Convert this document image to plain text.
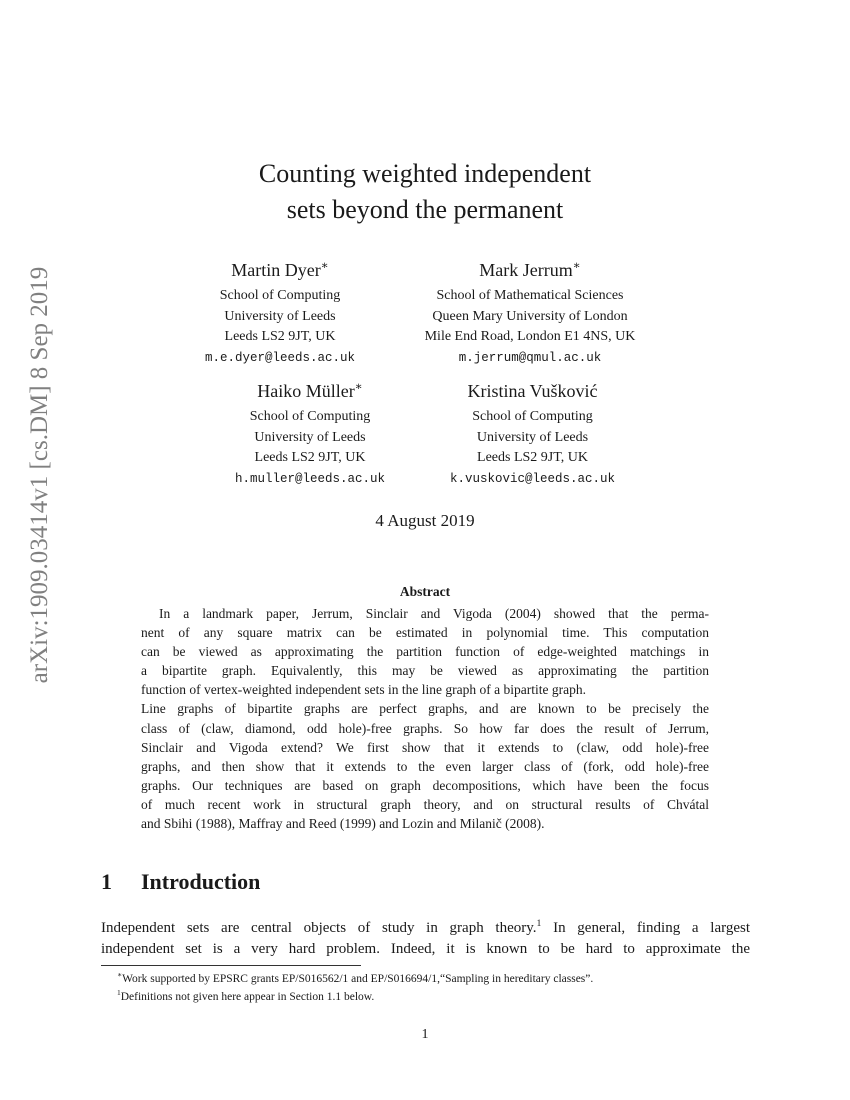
arXiv:1909.03414v1 [cs.DM] 8 Sep 2019
Counting weighted independent
sets beyond the permanent
Martin Dyer∗
School of Computing
University of Leeds
Leeds LS2 9JT, UK
m.e.dyer@leeds.ac.uk
Mark Jerrum∗
School of Mathematical Sciences
Queen Mary University of London
Mile End Road, London E1 4NS, UK
m.jerrum@qmul.ac.uk
Haiko Müller∗
School of Computing
University of Leeds
Leeds LS2 9JT, UK
h.muller@leeds.ac.uk
Kristina Vušković
School of Computing
University of Leeds
Leeds LS2 9JT, UK
k.vuskovic@leeds.ac.uk
4 August 2019
Abstract
In a landmark paper, Jerrum, Sinclair and Vigoda (2004) showed that the perma-
nent of any square matrix can be estimated in polynomial time. This computation
can be viewed as approximating the partition function of edge-weighted matchings in
a bipartite graph. Equivalently, this may be viewed as approximating the partition
function of vertex-weighted independent sets in the line graph of a bipartite graph.
Line graphs of bipartite graphs are perfect graphs, and are known to be precisely the
class of (claw, diamond, odd hole)-free graphs. So how far does the result of Jerrum,
Sinclair and Vigoda extend? We first show that it extends to (claw, odd hole)-free
graphs, and then show that it extends to the even larger class of (fork, odd hole)-free
graphs. Our techniques are based on graph decompositions, which have been the focus
of much recent work in structural graph theory, and on structural results of Chvátal
and Sbihi (1988), Maffray and Reed (1999) and Lozin and Milanič (2008).
1 Introduction
Independent sets are central objects of study in graph theory.$^1$ In general, finding a largest
independent set is a very hard problem. Indeed, it is known to be hard to approximate the
∗Work supported by EPSRC grants EP/S016562/1 and EP/S016694/1,“Sampling in hereditary classes”.
$^1$Definitions not given here appear in Section 1.1 below.
1
